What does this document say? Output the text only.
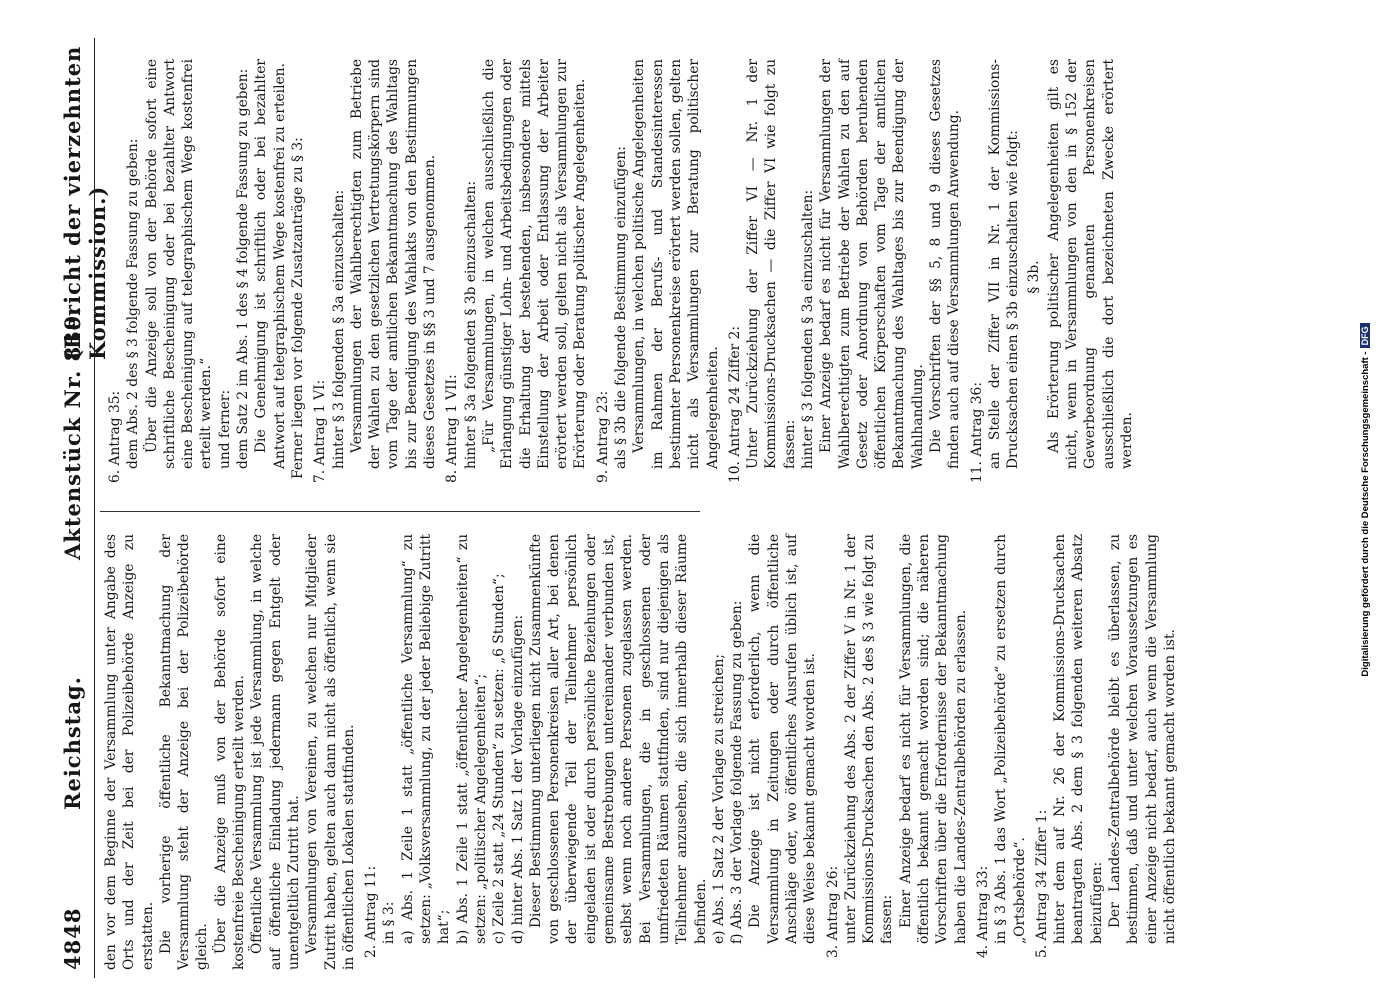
4848
Reichstag.
Aktenstück Nr. 819.
(Bericht der vierzehnten Kommission.)

den vor dem Beginne der Versammlung unter Angabe des Orts und der Zeit bei der Polizeibehörde Anzeige zu erstatten. Die vorherige öffentliche Bekanntmachung der Versammlung steht der Anzeige bei der Polizeibehörde gleich. Über die Anzeige muß von der Behörde sofort eine kostenfreie Bescheinigung erteilt werden. Öffentliche Versammlung ist jede Versammlung, in welche auf öffentliche Einladung jedermann gegen Entgelt oder unentgeltlich Zutritt hat. Versammlungen von Vereinen, zu welchen nur Mitglieder Zutritt haben, gelten auch dann nicht als öffentlich, wenn sie in öffentlichen Lokalen stattfinden. 2. Antrag 11: in § 3: a) Abs. 1 Zeile 1 statt „öffentliche Versammlung“ zu setzen: „Volksversammlung, zu der jeder Beliebige Zutritt hat“; b) Abs. 1 Zeile 1 statt „öffentlicher Angelegenheiten“ zu setzen: „politischer Angelegenheiten“; c) Zeile 2 statt „24 Stunden“ zu setzen: „6 Stunden“; d) hinter Abs. 1 Satz 1 der Vorlage einzufügen: Dieser Bestimmung unterliegen nicht Zusammenkünfte von geschlossenen Personenkreisen aller Art, bei denen der überwiegende Teil der Teilnehmer persönlich eingeladen ist oder durch persönliche Beziehungen oder gemeinsame Bestrebungen untereinander verbunden ist, selbst wenn noch andere Personen zugelassen werden. Bei Versammlungen, die in geschlossenen oder umfriedeten Räumen stattfinden, sind nur diejenigen als Teilnehmer anzusehen, die sich innerhalb dieser Räume befinden. e) Abs. 1 Satz 2 der Vorlage zu streichen; f) Abs. 3 der Vorlage folgende Fassung zu geben: Die Anzeige ist nicht erforderlich, wenn die Versammlung in Zeitungen oder durch öffentliche Anschläge oder, wo öffentliches Ausrufen üblich ist, auf diese Weise bekannt gemacht worden ist. 3. Antrag 26: unter Zurückziehung des Abs. 2 der Ziffer V in Nr. 1 der Kommissions-Drucksachen den Abs. 2 des § 3 wie folgt zu fassen: Einer Anzeige bedarf es nicht für Versammlungen, die öffentlich bekannt gemacht worden sind; die näheren Vorschriften über die Erfordernisse der Bekanntmachung haben die Landes-Zentralbehörden zu erlassen. 4. Antrag 33: in § 3 Abs. 1 das Wort „Polizeibehörde“ zu ersetzen durch „Ortsbehörde“. 5. Antrag 34 Ziffer 1: hinter dem auf Nr. 26 der Kommissions-Drucksachen beantragten Abs. 2 dem § 3 folgenden weiteren Absatz beizufügen: Der Landes-Zentralbehörde bleibt es überlassen, zu bestimmen, daß und unter welchen Voraussetzungen es einer Anzeige nicht bedarf, auch wenn die Versammlung nicht öffentlich bekannt gemacht worden ist.

6. Antrag 35: dem Abs. 2 des § 3 folgende Fassung zu geben: Über die Anzeige soll von der Behörde sofort eine schriftliche Bescheinigung oder bei bezahlter Antwort eine Bescheinigung auf telegraphischem Wege kostenfrei erteilt werden.“ und ferner: dem Satz 2 im Abs. 1 des § 4 folgende Fassung zu geben: Die Genehmigung ist schriftlich oder bei bezahlter Antwort auf telegraphischem Wege kostenfrei zu erteilen. Ferner liegen vor folgende Zusatzanträge zu § 3: 7. Antrag 1 VI: hinter § 3 folgenden § 3a einzuschalten: Versammlungen der Wahlberechtigten zum Betriebe der Wahlen zu den gesetzlichen Vertretungskörpern sind vom Tage der amtlichen Bekanntmachung des Wahltags bis zur Beendigung des Wahlakts von den Bestimmungen dieses Gesetzes in §§ 3 und 7 ausgenommen. 8. Antrag 1 VII: hinter § 3a folgenden § 3b einzuschalten: „Für Versammlungen, in welchen ausschließlich die Erlangung günstiger Lohn- und Arbeitsbedingungen oder die Erhaltung der bestehenden, insbesondere mittels Einstellung der Arbeit oder Entlassung der Arbeiter erörtert werden soll, gelten nicht als Versammlungen zur Erörterung oder Beratung politischer Angelegenheiten. 9. Antrag 23: als § 3b die folgende Bestimmung einzufügen: Versammlungen, in welchen politische Angelegenheiten im Rahmen der Berufs- und Standesinteressen bestimmter Personenkreise erörtert werden sollen, gelten nicht als Versammlungen zur Beratung politischer Angelegenheiten. 10. Antrag 24 Ziffer 2: Unter Zurückziehung der Ziffer VI — Nr. 1 der Kommissions-Drucksachen — die Ziffer VI wie folgt zu fassen: hinter § 3 folgenden § 3a einzuschalten: Einer Anzeige bedarf es nicht für Versammlungen der Wahlberechtigten zum Betriebe der Wahlen zu den auf Gesetz oder Anordnung von Behörden beruhenden öffentlichen Körperschaften vom Tage der amtlichen Bekanntmachung des Wahltages bis zur Beendigung der Wahlhandlung. Die Vorschriften der §§ 5, 8 und 9 dieses Gesetzes finden auch auf diese Versammlungen Anwendung. 11. Antrag 36: an Stelle der Ziffer VII in Nr. 1 der Kommissions-Drucksachen einen § 3b einzuschalten wie folgt: § 3b. Als Erörterung politischer Angelegenheiten gilt es nicht, wenn in Versammlungen von den in § 152 der Gewerbeordnung genannten Personenkreisen ausschließlich die dort bezeichneten Zwecke erörtert werden.	Digitalisierung gefördert durch die Deutsche Forschungsgemeinschaft -DFG
